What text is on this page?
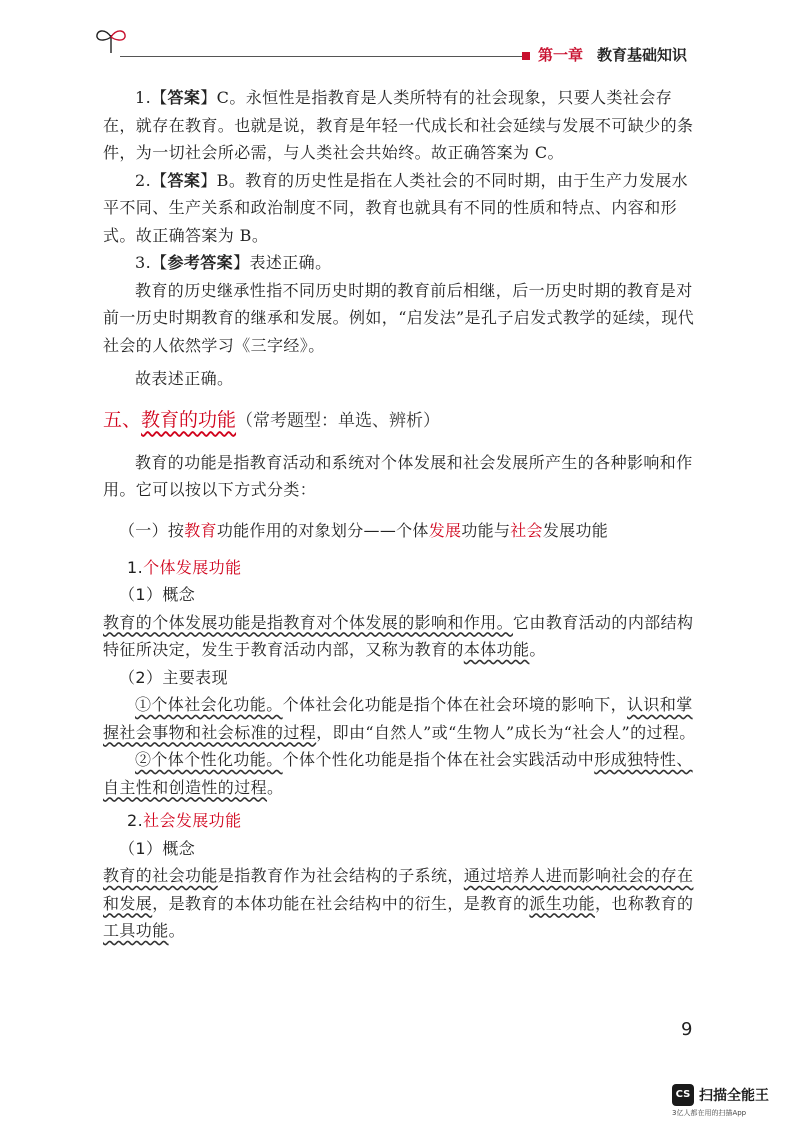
第一章 教育基础知识

1.【答案】C。永恒性是指教育是人类所特有的社会现象，只要人类社会存在，就存在教育。也就是说，教育是年轻一代成长和社会延续与发展不可缺少的条件，为一切社会所必需，与人类社会共始终。故正确答案为 C。

2.【答案】B。教育的历史性是指在人类社会的不同时期，由于生产力发展水平不同、生产关系和政治制度不同，教育也就具有不同的性质和特点、内容和形式。故正确答案为 B。

3.【参考答案】表述正确。

教育的历史继承性指不同历史时期的教育前后相继，后一历史时期的教育是对前一历史时期教育的继承和发展。例如，“启发法”是孔子启发式教学的延续，现代社会的人依然学习《三字经》。

故表述正确。

五、教育的功能（常考题型：单选、辨析）

教育的功能是指教育活动和系统对个体发展和社会发展所产生的各种影响和作用。它可以按以下方式分类：

（一）按教育功能作用的对象划分——个体发展功能与社会发展功能

1.个体发展功能

（1）概念

教育的个体发展功能是指教育对个体发展的影响和作用。它由教育活动的内部结构特征所决定，发生于教育活动内部，又称为教育的本体功能。

（2）主要表现

①个体社会化功能。个体社会化功能是指个体在社会环境的影响下，认识和掌握社会事物和社会标准的过程，即由“自然人”或“生物人”成长为“社会人”的过程。

②个体个性化功能。个体个性化功能是指个体在社会实践活动中形成独特性、自主性和创造性的过程。

2.社会发展功能

（1）概念

教育的社会功能是指教育作为社会结构的子系统，通过培养人进而影响社会的存在和发展，是教育的本体功能在社会结构中的衍生，是教育的派生功能，也称教育的工具功能。

9
CS 扫描全能王
3亿人都在用的扫描App
